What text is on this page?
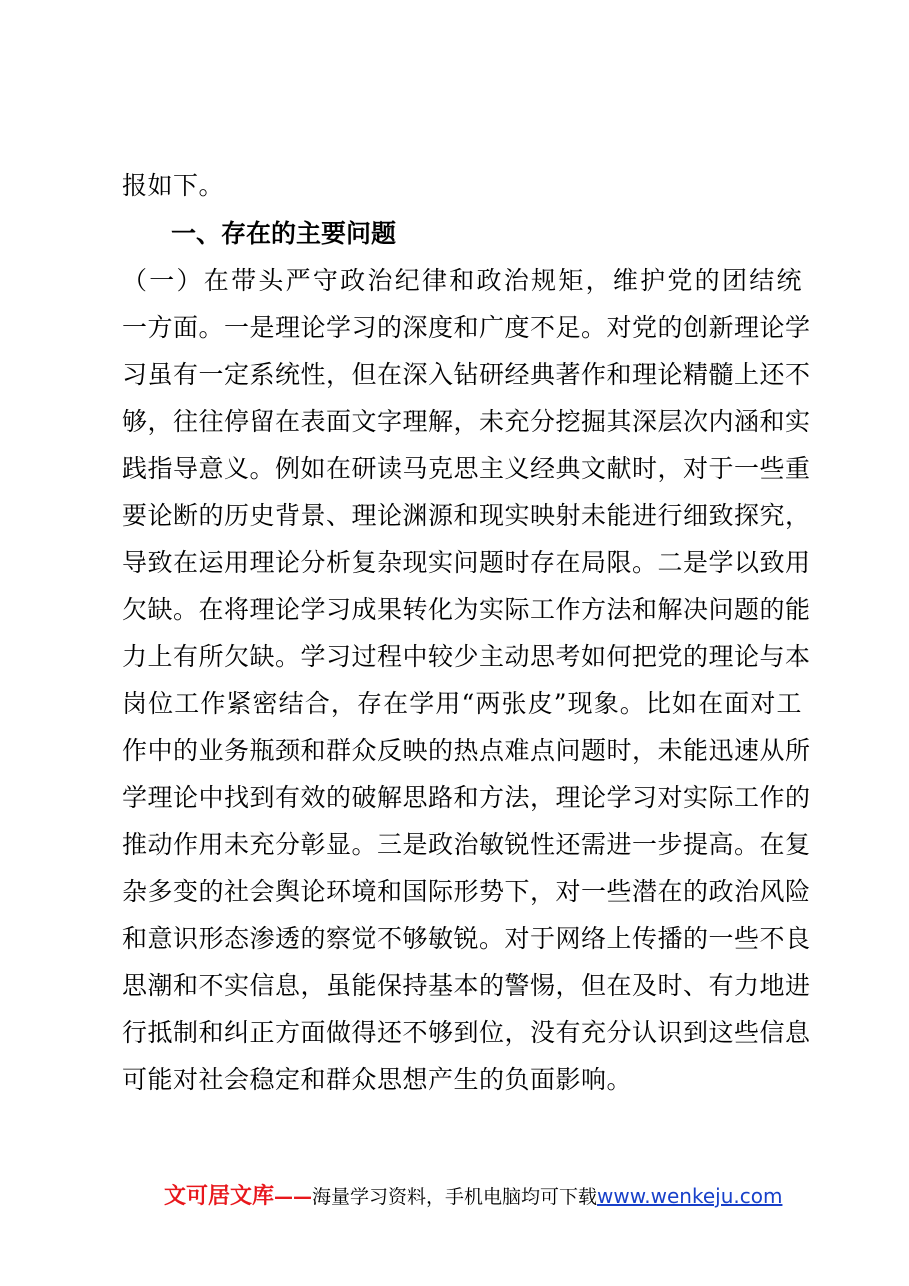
报如下。
一、存在的主要问题
（一）在带头严守政治纪律和政治规矩，维护党的团结统
一方面。一是理论学习的深度和广度不足。对党的创新理论学
习虽有一定系统性，但在深入钻研经典著作和理论精髓上还不
够，往往停留在表面文字理解，未充分挖掘其深层次内涵和实
践指导意义。例如在研读马克思主义经典文献时，对于一些重
要论断的历史背景、理论渊源和现实映射未能进行细致探究，
导致在运用理论分析复杂现实问题时存在局限。二是学以致用
欠缺。在将理论学习成果转化为实际工作方法和解决问题的能
力上有所欠缺。学习过程中较少主动思考如何把党的理论与本
岗位工作紧密结合，存在学用“两张皮”现象。比如在面对工
作中的业务瓶颈和群众反映的热点难点问题时，未能迅速从所
学理论中找到有效的破解思路和方法，理论学习对实际工作的
推动作用未充分彰显。三是政治敏锐性还需进一步提高。在复
杂多变的社会舆论环境和国际形势下，对一些潜在的政治风险
和意识形态渗透的察觉不够敏锐。对于网络上传播的一些不良
思潮和不实信息，虽能保持基本的警惕，但在及时、有力地进
行抵制和纠正方面做得还不够到位，没有充分认识到这些信息
可能对社会稳定和群众思想产生的负面影响。
文可居文库——海量学习资料，手机电脑均可下载www.wenkeju.com
